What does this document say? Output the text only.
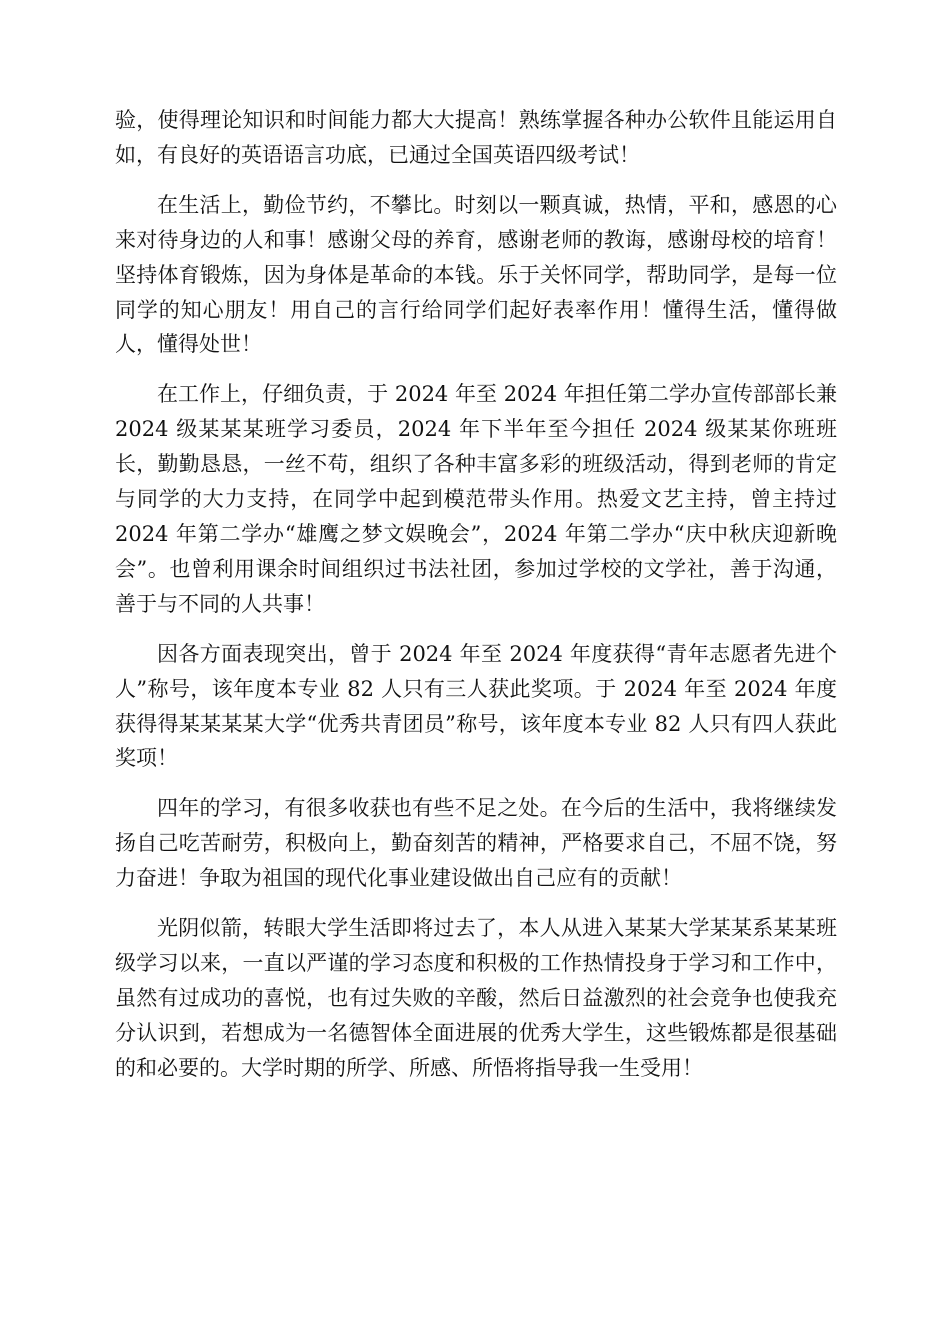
验，使得理论知识和时间能力都大大提高！熟练掌握各种办公软件且能运用自如，有良好的英语语言功底，已通过全国英语四级考试！

在生活上，勤俭节约，不攀比。时刻以一颗真诚，热情，平和，感恩的心来对待身边的人和事！感谢父母的养育，感谢老师的教诲，感谢母校的培育！坚持体育锻炼，因为身体是革命的本钱。乐于关怀同学，帮助同学，是每一位同学的知心朋友！用自己的言行给同学们起好表率作用！懂得生活，懂得做人，懂得处世！

在工作上，仔细负责，于 2024 年至 2024 年担任第二学办宣传部部长兼 2024 级某某某班学习委员，2024 年下半年至今担任 2024 级某某你班班长，勤勤恳恳，一丝不苟，组织了各种丰富多彩的班级活动，得到老师的肯定与同学的大力支持，在同学中起到模范带头作用。热爱文艺主持，曾主持过 2024 年第二学办“雄鹰之梦文娱晚会”，2024 年第二学办“庆中秋庆迎新晚会”。也曾利用课余时间组织过书法社团，参加过学校的文学社，善于沟通，善于与不同的人共事！

因各方面表现突出，曾于 2024 年至 2024 年度获得“青年志愿者先进个人”称号，该年度本专业 82 人只有三人获此奖项。于 2024 年至 2024 年度获得得某某某某大学“优秀共青团员”称号，该年度本专业 82 人只有四人获此奖项！

四年的学习，有很多收获也有些不足之处。在今后的生活中，我将继续发扬自己吃苦耐劳，积极向上，勤奋刻苦的精神，严格要求自己，不屈不饶，努力奋进！争取为祖国的现代化事业建设做出自己应有的贡献！

光阴似箭，转眼大学生活即将过去了，本人从进入某某大学某某系某某班级学习以来，一直以严谨的学习态度和积极的工作热情投身于学习和工作中，虽然有过成功的喜悦，也有过失败的辛酸，然后日益激烈的社会竞争也使我充分认识到，若想成为一名德智体全面进展的优秀大学生，这些锻炼都是很基础的和必要的。大学时期的所学、所感、所悟将指导我一生受用！
